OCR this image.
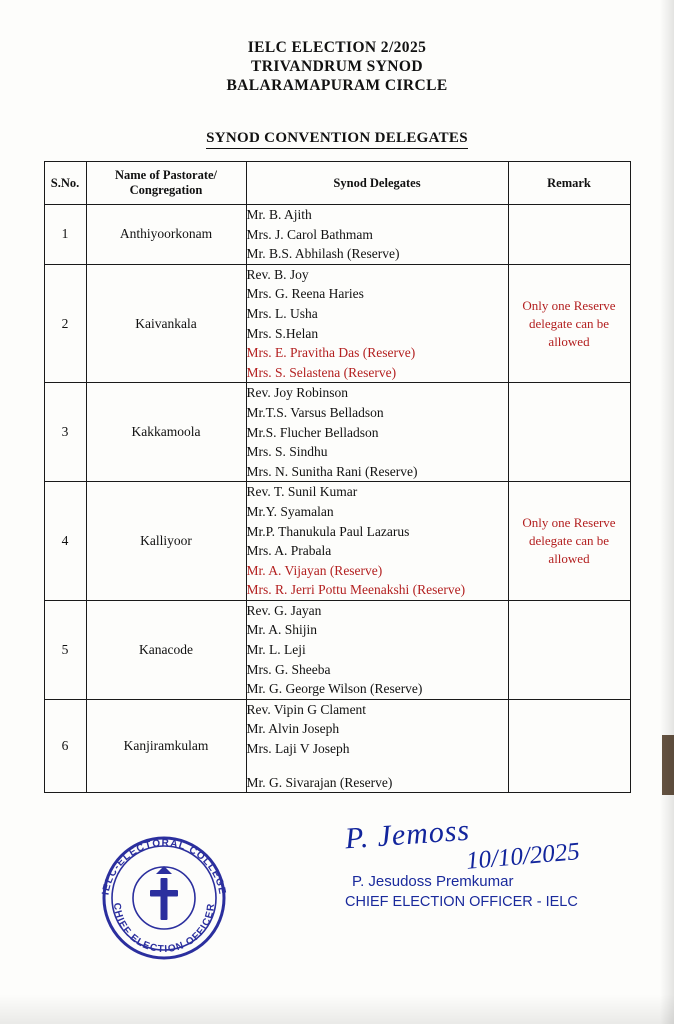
IELC ELECTION 2/2025
TRIVANDRUM SYNOD
BALARAMAPURAM CIRCLE
SYNOD CONVENTION DELEGATES
S.No.	Name of Pastorate/
Congregation	Synod Delegates	Remark
1	Anthiyoorkonam	Mr. B. Ajith
Mrs. J. Carol Bathmam
Mr. B.S. Abhilash (Reserve)	

2	Kaivankala	
Rev. B. Joy
Mrs. G. Reena Haries
Mrs. L. Usha
Mrs. S.Helan
Mrs. E. Pravitha Das (Reserve)
Mrs. S. Selastena (Reserve)
	Only one Reserve delegate can be allowed
3	Kakkamoola	Rev. Joy Robinson
Mr.T.S. Varsus Belladson
Mr.S. Flucher Belladson
Mrs. S. Sindhu
Mrs. N. Sunitha Rani (Reserve)	

4	Kalliyoor	
Rev. T. Sunil Kumar
Mr.Y. Syamalan
Mr.P. Thanukula Paul Lazarus
Mrs. A. Prabala
Mr. A. Vijayan (Reserve)
Mrs. R. Jerri Pottu Meenakshi (Reserve)
	Only one Reserve delegate can be allowed
5	Kanacode	Rev. G. Jayan
Mr. A. Shijin
Mr. L. Leji
Mrs. G. Sheeba
Mr. G. George Wilson (Reserve)	

6	Kanjiramkulam	Rev. Vipin G Clament
Mr. Alvin Joseph
Mrs. Laji V Joseph
Mr. G. Sivarajan (Reserve)	

IELC-ELECTORAL COLLEGE
CHIEF ELECTION OFFICER
P. Jemoss
10/10/2025
P. Jesudoss Premkumar
CHIEF ELECTION OFFICER - IELC
